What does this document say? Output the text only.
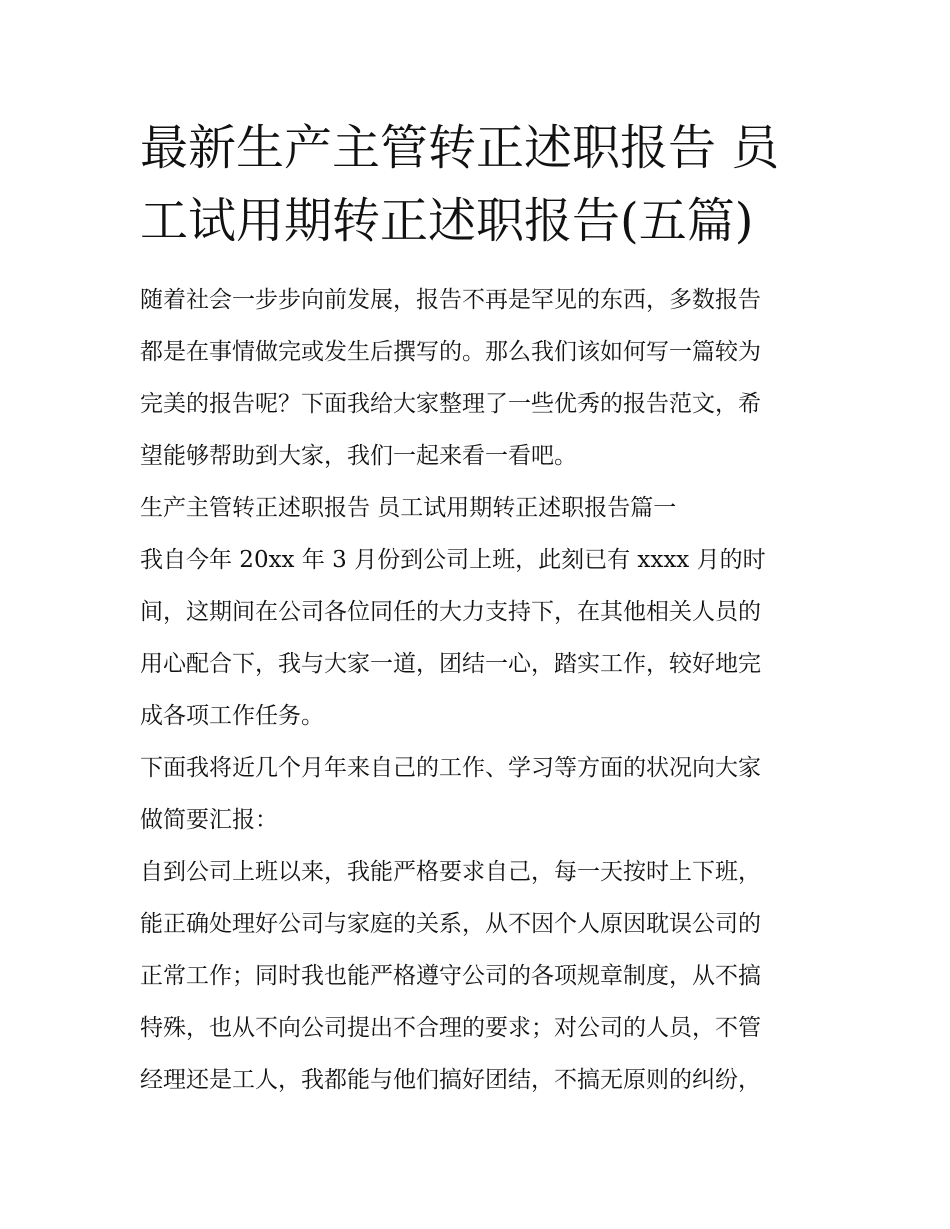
最新生产主管转正述职报告 员
工试用期转正述职报告(五篇)
随着社会一步步向前发展，报告不再是罕见的东西，多数报告
都是在事情做完或发生后撰写的。那么我们该如何写一篇较为
完美的报告呢？下面我给大家整理了一些优秀的报告范文，希
望能够帮助到大家，我们一起来看一看吧。
生产主管转正述职报告 员工试用期转正述职报告篇一
我自今年 20xx 年 3 月份到公司上班，此刻已有 xxxx 月的时
间，这期间在公司各位同任的大力支持下，在其他相关人员的
用心配合下，我与大家一道，团结一心，踏实工作，较好地完
成各项工作任务。
下面我将近几个月年来自己的工作、学习等方面的状况向大家
做简要汇报：
自到公司上班以来，我能严格要求自己，每一天按时上下班，
能正确处理好公司与家庭的关系，从不因个人原因耽误公司的
正常工作；同时我也能严格遵守公司的各项规章制度，从不搞
特殊，也从不向公司提出不合理的要求；对公司的人员，不管
经理还是工人，我都能与他们搞好团结，不搞无原则的纠纷，
